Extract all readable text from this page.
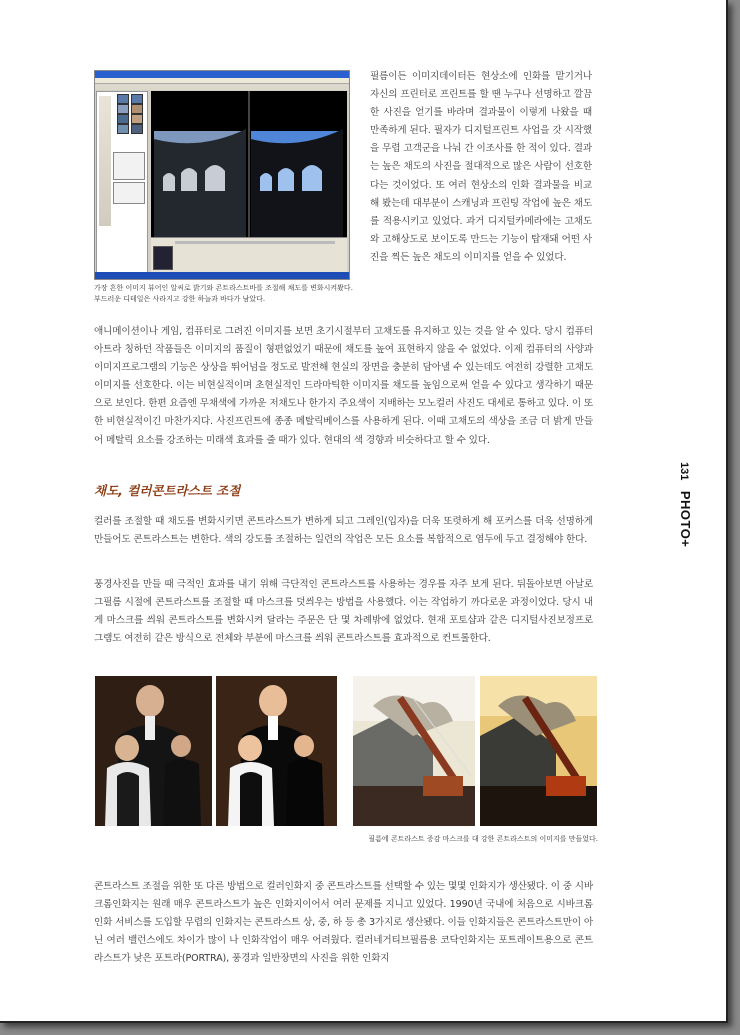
가장 흔한 이미지 뷰어인 알씨로 밝기와 콘트라스트바를 조절해 채도를 변화시켜봤다. 부드러운 디테일은 사라지고 강한 하늘과 바다가 남았다.

필름이든 이미지데이터든 현상소에 인화를 맡기거나 자신의 프린터로 프린트를 할 땐 누구나 선명하고 깔끔한 사진을 얻기를 바라며 결과물이 이렇게 나왔을 때 만족하게 된다. 필자가 디지털프린트 사업을 갓 시작했을 무렵 고객군을 나눠 간 이조사를 한 적이 있다. 결과는 높은 채도의 사진을 절대적으로 많은 사람이 선호한다는 것이었다. 또 여러 현상소의 인화 결과물을 비교해 봤는데 대부분이 스캐닝과 프린팅 작업에 높은 채도를 적용시키고 있었다. 과거 디지털카메라에는 고채도와 고해상도로 보이도록 만드는 기능이 탑재돼 어떤 사진을 찍든 높은 채도의 이미지를 얻을 수 있었다.

애니메이션이나 게임, 컴퓨터로 그려진 이미지를 보면 초기시절부터 고채도를 유지하고 있는 것을 알 수 있다. 당시 컴퓨터아트라 칭하던 작품들은 이미지의 품질이 형편없었기 때문에 채도를 높여 표현하지 않을 수 없었다. 이제 컴퓨터의 사양과 이미지프로그램의 기능은 상상을 뛰어넘을 정도로 발전해 현실의 장면을 충분히 담아낼 수 있는데도 여전히 강렬한 고채도 이미지를 선호한다. 이는 비현실적이며 초현실적인 드라마틱한 이미지를 채도를 높임으로써 얻을 수 있다고 생각하기 때문으로 보인다. 한편 요즘엔 무채색에 가까운 저채도나 한가지 주요색이 지배하는 모노컬러 사진도 대세로 통하고 있다. 이 또한 비현실적이긴 마찬가지다. 사진프린트에 종종 메탈릭베이스를 사용하게 된다. 이때 고채도의 색상을 조금 더 밝게 만들어 메탈릭 요소를 강조하는 미래색 효과를 줄 때가 있다. 현대의 색 경향과 비슷하다고 할 수 있다.

채도, 컬러콘트라스트 조절

컬러를 조절할 때 채도를 변화시키면 콘트라스트가 변하게 되고 그레인(입자)을 더욱 또렷하게 해 포커스를 더욱 선명하게 만들어도 콘트라스트는 변한다. 색의 강도를 조절하는 일련의 작업은 모든 요소를 복합적으로 염두에 두고 결정해야 한다.

풍경사진을 만들 때 극적인 효과를 내기 위해 극단적인 콘트라스트를 사용하는 경우를 자주 보게 된다. 뒤돌아보면 아날로그필름 시절에 콘트라스트를 조절할 때 마스크를 덧씌우는 방법을 사용했다. 이는 작업하기 까다로운 과정이었다. 당시 내게 마스크를 씌워 콘트라스트를 변화시켜 달라는 주문은 단 몇 차례밖에 없었다. 현재 포토샵과 같은 디지털사진보정프로그램도 여전히 같은 방식으로 전체와 부분에 마스크를 씌워 콘트라스트를 효과적으로 컨트롤한다.

필름에 콘트라스트 증감 마스크를 대 강한 콘트라스트의 이미지를 만들었다.

콘트라스트 조절을 위한 또 다른 방법으로 컬러인화지 중 콘트라스트를 선택할 수 있는 몇몇 인화지가 생산됐다. 이 중 시바크롬인화지는 원래 매우 콘트라스트가 높은 인화지이어서 여러 문제를 지니고 있었다. 1990년 국내에 처음으로 시바크롬인화 서비스를 도입할 무렵의 인화지는 콘트라스트 상, 중, 하 등 총 3가지로 생산됐다. 이들 인화지들은 콘트라스트만이 아닌 여러 밸런스에도 차이가 많이 나 인화작업이 매우 어려웠다. 컬러네거티브필름용 코닥인화지는 포트레이트용으로 콘트라스트가 낮은 포트라(PORTRA), 풍경과 일반장면의 사진을 위한 인화지

131 PHOTO+
